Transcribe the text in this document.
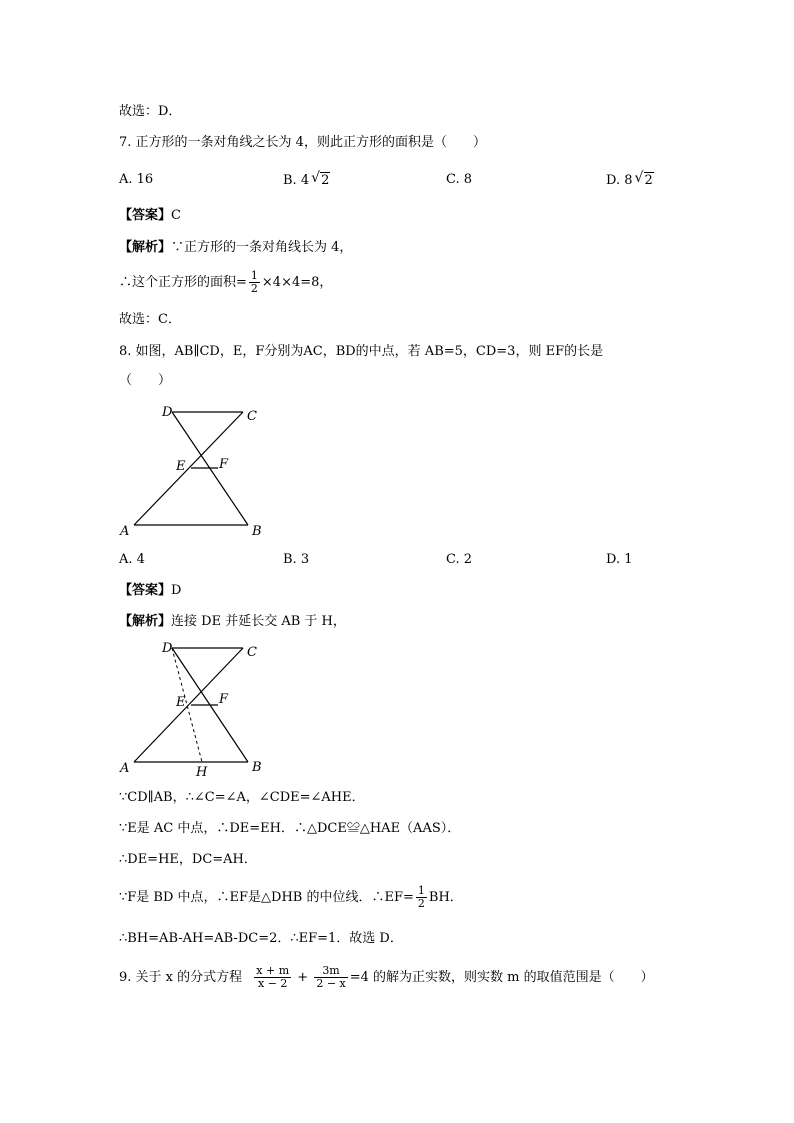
故选：D．
7. 正方形的一条对角线之长为 4，则此正方形的面积是（　　）
A. 16	B. 4 √ 2	C. 8	D. 8 √ 2
【答案】C
【解析】∵正方形的一条对角线长为 4，
∴这个正方形的面积= $\frac{1}{2} \times 4\times 4=8$，
故选：C．
8. 如图，AB∥CD，E，F分别为AC，BD的中点，若 AB=5，CD=3，则 EF的长是
（　　）
D	C
E	F
A	B
A. 4	B. 3	C. 2	D. 1
【答案】D
【解析】连接 DE 并延长交 AB 于 H，
D	C
E	F
A	H	B
∵CD∥AB，∴∠C=∠A，∠CDE=∠AHE．
∵E是 AC 中点，∴DE=EH．∴△DCE≌△HAE（AAS）．
∴DE=HE，DC=AH．
∵F是 BD 中点，∴EF是△DHB 的中位线．∴EF= $\frac{1}{2}$ BH．
∴BH=AB-AH=AB-DC=2．∴EF=1．故选 D．
9. 关于 x 的分式方程 $\frac{x + m}{x - 2} + \frac{3m}{2 - x} =4$ 的解为正实数，则实数 m 的取值范围是（　　）
